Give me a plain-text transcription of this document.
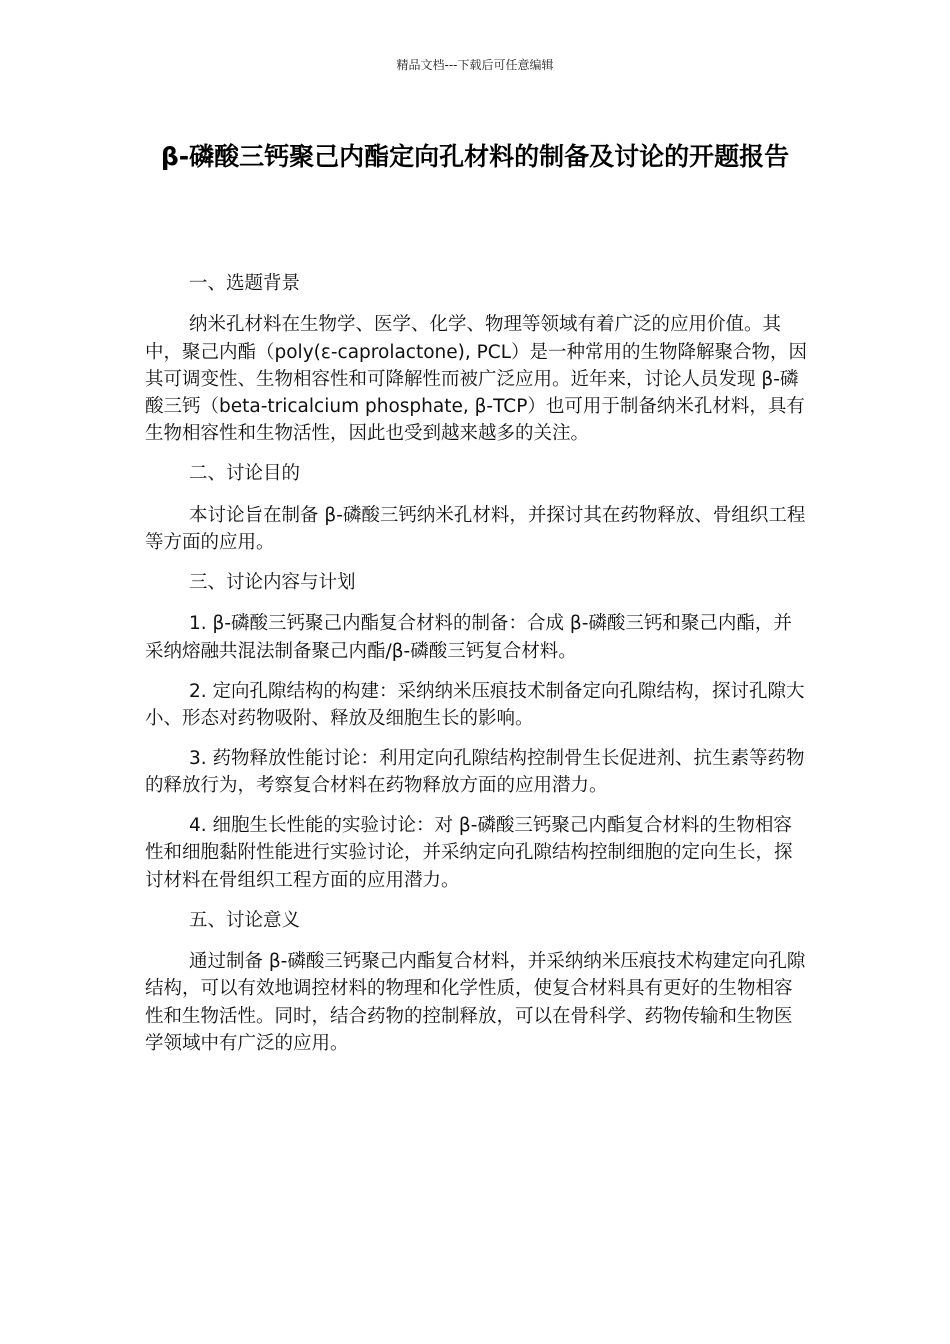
精品文档---下载后可任意编辑
β-磷酸三钙聚己内酯定向孔材料的制备及讨论的开题报告

一、选题背景

纳米孔材料在生物学、医学、化学、物理等领域有着广泛的应用价值。其中，聚己内酯（poly(ε-caprolactone), PCL）是一种常用的生物降解聚合物，因其可调变性、生物相容性和可降解性而被广泛应用。近年来，讨论人员发现 β-磷酸三钙（beta-tricalcium phosphate, β-TCP）也可用于制备纳米孔材料，具有生物相容性和生物活性，因此也受到越来越多的关注。

二、讨论目的

本讨论旨在制备 β-磷酸三钙纳米孔材料，并探讨其在药物释放、骨组织工程等方面的应用。

三、讨论内容与计划

1. β-磷酸三钙聚己内酯复合材料的制备：合成 β-磷酸三钙和聚己内酯，并采纳熔融共混法制备聚己内酯/β-磷酸三钙复合材料。

2. 定向孔隙结构的构建：采纳纳米压痕技术制备定向孔隙结构，探讨孔隙大小、形态对药物吸附、释放及细胞生长的影响。

3. 药物释放性能讨论：利用定向孔隙结构控制骨生长促进剂、抗生素等药物的释放行为，考察复合材料在药物释放方面的应用潜力。

4. 细胞生长性能的实验讨论：对 β-磷酸三钙聚己内酯复合材料的生物相容性和细胞黏附性能进行实验讨论，并采纳定向孔隙结构控制细胞的定向生长，探讨材料在骨组织工程方面的应用潜力。

五、讨论意义

通过制备 β-磷酸三钙聚己内酯复合材料，并采纳纳米压痕技术构建定向孔隙结构，可以有效地调控材料的物理和化学性质，使复合材料具有更好的生物相容性和生物活性。同时，结合药物的控制释放，可以在骨科学、药物传输和生物医学领域中有广泛的应用。
